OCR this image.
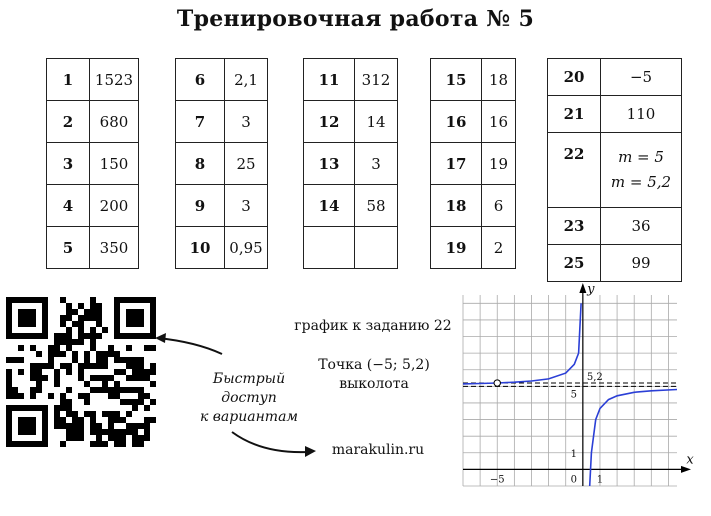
Тренировочная работа № 5
1	1523
2	680
3	150
4	200
5	350
6	2,1
7	3
8	25
9	3
10	0,95
11	312
12	14
13	3
14	58

15	18
16	16
17	19
18	6
19	2
20	−5
21	110
22	m = 5
m = 5,2

23	36
25	99
Быстрый
доступ
к вариантам
график к заданию 22
Точка (−5; 5,2)
выколота
marakulin.ru
y
x
−5	0 1
1
5
5,2
